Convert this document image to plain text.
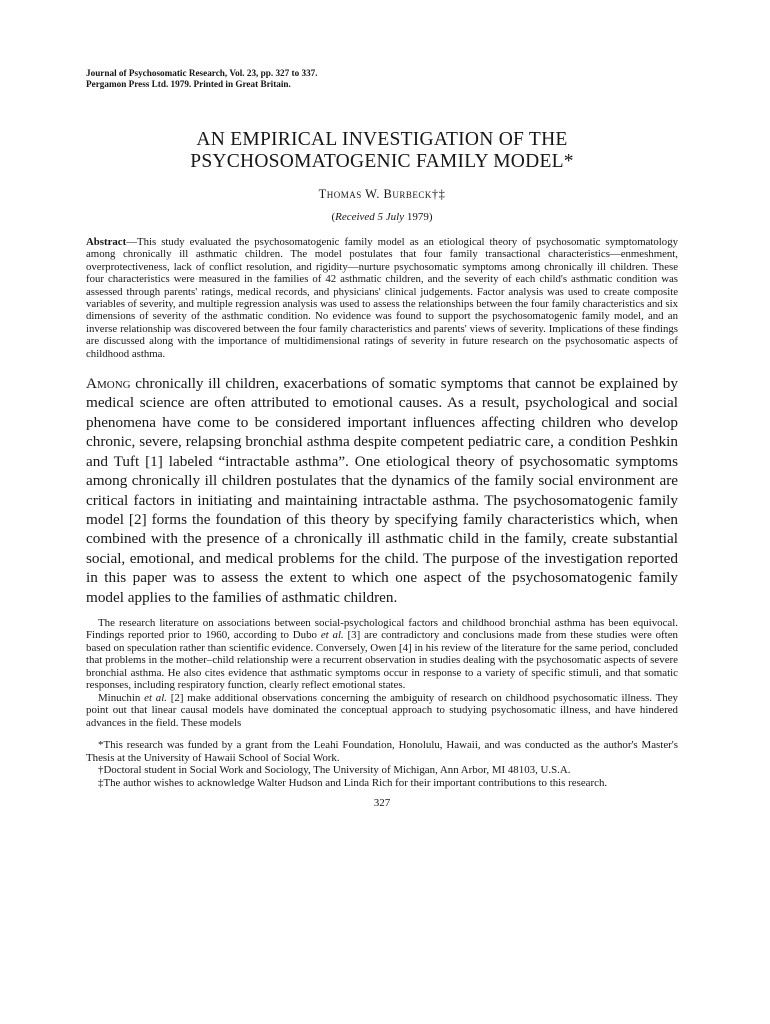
Journal of Psychosomatic Research, Vol. 23, pp. 327 to 337.
Pergamon Press Ltd. 1979. Printed in Great Britain.
AN EMPIRICAL INVESTIGATION OF THE
PSYCHOSOMATOGENIC FAMILY MODEL*
Thomas W. Burbeck†‡
(Received 5 July 1979)
Abstract—This study evaluated the psychosomatogenic family model as an etiological theory of psychosomatic symptomatology among chronically ill asthmatic children. The model postulates that four family transactional characteristics—enmeshment, overprotectiveness, lack of conflict resolution, and rigidity—nurture psychosomatic symptoms among chronically ill children. These four characteristics were measured in the families of 42 asthmatic children, and the severity of each child's asthmatic condition was assessed through parents' ratings, medical records, and physicians' clinical judgements. Factor analysis was used to create composite variables of severity, and multiple regression analysis was used to assess the relationships between the four family characteristics and six dimensions of severity of the asthmatic condition. No evidence was found to support the psychosomatogenic family model, and an inverse relationship was discovered between the four family characteristics and parents' views of severity. Implications of these findings are discussed along with the importance of multidimensional ratings of severity in future research on the psychosomatic aspects of childhood asthma.
Among chronically ill children, exacerbations of somatic symptoms that cannot be explained by medical science are often attributed to emotional causes. As a result, psychological and social phenomena have come to be considered important influences affecting children who develop chronic, severe, relapsing bronchial asthma despite competent pediatric care, a condition Peshkin and Tuft [1] labeled “intractable asthma”. One etiological theory of psychosomatic symptoms among chronically ill children postulates that the dynamics of the family social environment are critical factors in initiating and maintaining intractable asthma. The psychosomatogenic family model [2] forms the foundation of this theory by specifying family characteristics which, when combined with the presence of a chronically ill asthmatic child in the family, create substantial social, emotional, and medical problems for the child. The purpose of the investigation reported in this paper was to assess the extent to which one aspect of the psychosomatogenic family model applies to the families of asthmatic children.

The research literature on associations between social-psychological factors and childhood bronchial asthma has been equivocal. Findings reported prior to 1960, according to Dubo et al. [3] are contradictory and conclusions made from these studies were often based on speculation rather than scientific evidence. Conversely, Owen [4] in his review of the literature for the same period, concluded that problems in the mother–child relationship were a recurrent observation in studies dealing with the psychosomatic aspects of severe bronchial asthma. He also cites evidence that asthmatic symptoms occur in response to a variety of specific stimuli, and that somatic responses, including respiratory function, clearly reflect emotional states.

Minuchin et al. [2] make additional observations concerning the ambiguity of research on childhood psychosomatic illness. They point out that linear causal models have dominated the conceptual approach to studying psychosomatic illness, and have hindered advances in the field. These models

*This research was funded by a grant from the Leahi Foundation, Honolulu, Hawaii, and was conducted as the author's Master's Thesis at the University of Hawaii School of Social Work.

†Doctoral student in Social Work and Sociology, The University of Michigan, Ann Arbor, MI 48103, U.S.A.

‡The author wishes to acknowledge Walter Hudson and Linda Rich for their important contributions to this research.

327
